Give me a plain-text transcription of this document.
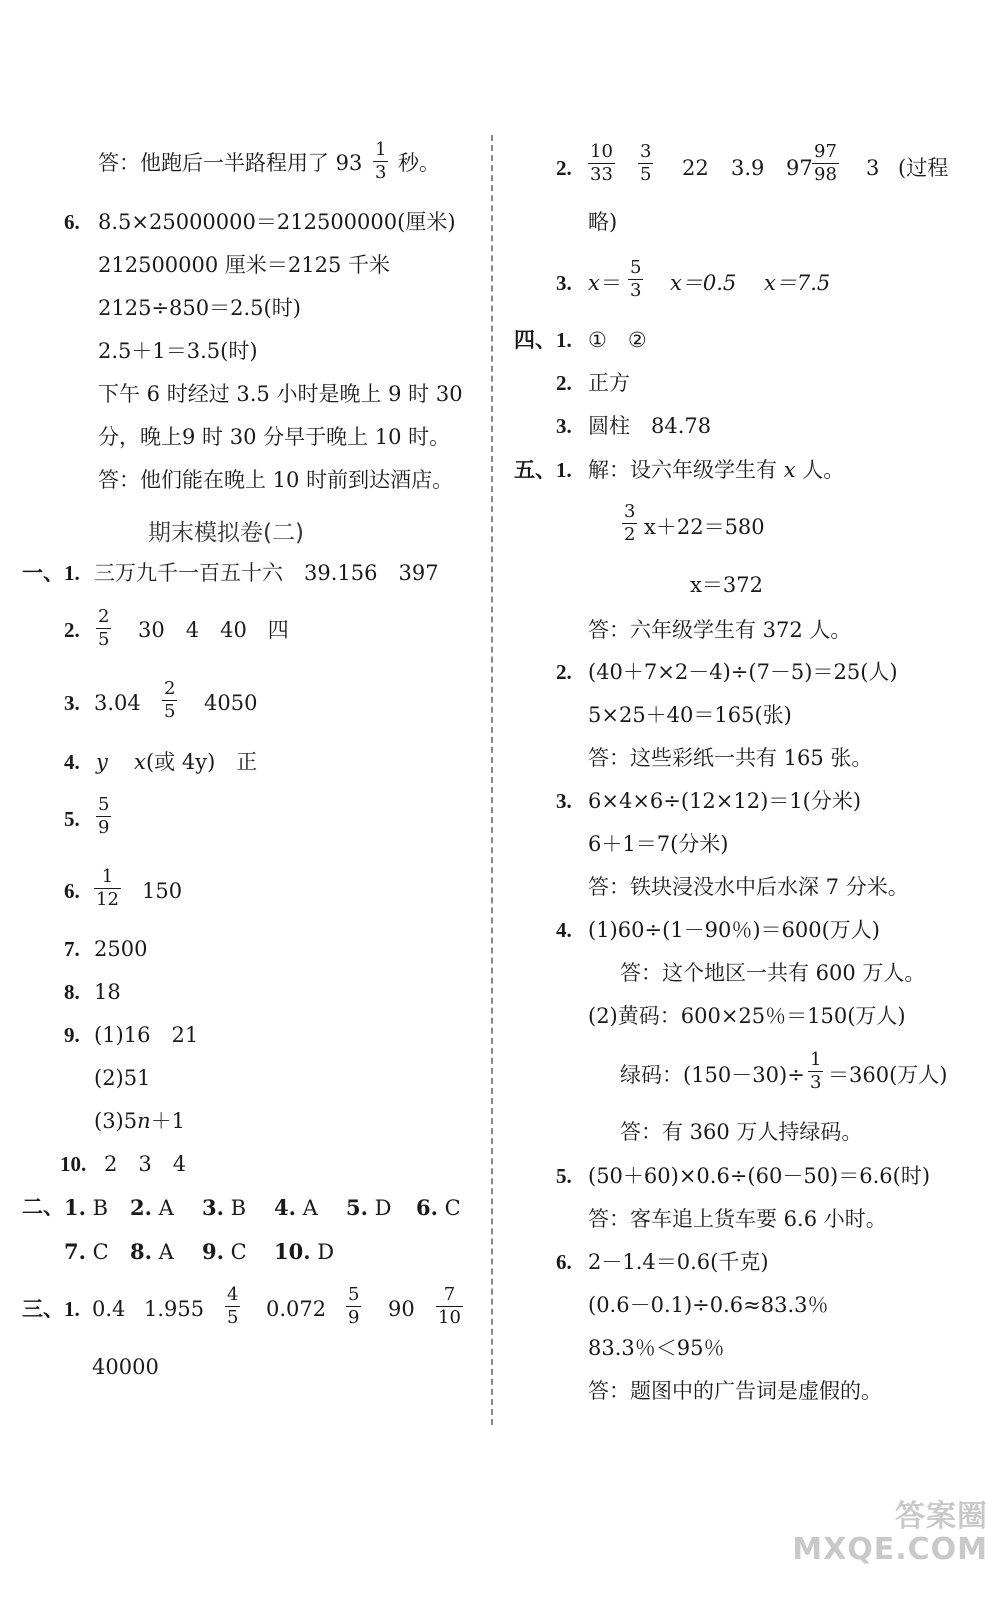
答：他跑后一半路程用了 93
1
3 秒。
6. 8.5×25000000＝212500000(厘米)
212500000 厘米＝2125 千米
2125÷850＝2.5(时)
2.5＋1＝3.5(时)
下午 6 时经过 3.5 小时是晚上 9 时 30
分，晚上9 时 30 分早于晚上 10 时。
答：他们能在晚上 10 时前到达酒店。
期末模拟卷(二)
一、 1. 三万九千一百五十六　39.156　397
2.
2
5 30　4　40　四
3. 3.04
2
5 4050
4. y x (或 4y)　正
5.
5
9
6.
1
12 150
7. 2500
8. 18
9. (1)16　21
(2)51
(3)5n＋1
10. 2　3　4
二、 1. B 2. A 3. B 4. A 5. D 6. C
7. C 8. A 9. C 10. D
三、 1. 0.4 1.955
4
5 0.072
5
9 90
7
10
40000
2.
10
33
3
5 22 3.9 97
97
98 3 (过程
略)
3. x ＝
5
3 x＝0.5 x＝7.5
四、 1. ①　②
2. 正方
3. 圆柱　84.78
五、 1. 解：设六年级学生有 x 人。
3
2 x＋22＝580
x＝372
答：六年级学生有 372 人。
2. (40＋7×2－4)÷(7－5)＝25(人)
5×25＋40＝165(张)
答：这些彩纸一共有 165 张。
3. 6×4×6÷(12×12)＝1(分米)
6＋1＝7(分米)
答：铁块浸没水中后水深 7 分米。
4. (1)60÷(1－90％)＝600(万人)
答：这个地区一共有 600 万人。
(2)黄码：600×25％＝150(万人)
绿码：(150－30)÷
1
3 ＝360(万人)
答：有 360 万人持绿码。
5. (50＋60)×0.6÷(60－50)＝6.6(时)
答：客车追上货车要 6.6 小时。
6. 2－1.4＝0.6(千克)
(0.6－0.1)÷0.6≈83.3％
83.3％＜95％
答：题图中的广告词是虚假的。
答案圈
MXQE.COM
